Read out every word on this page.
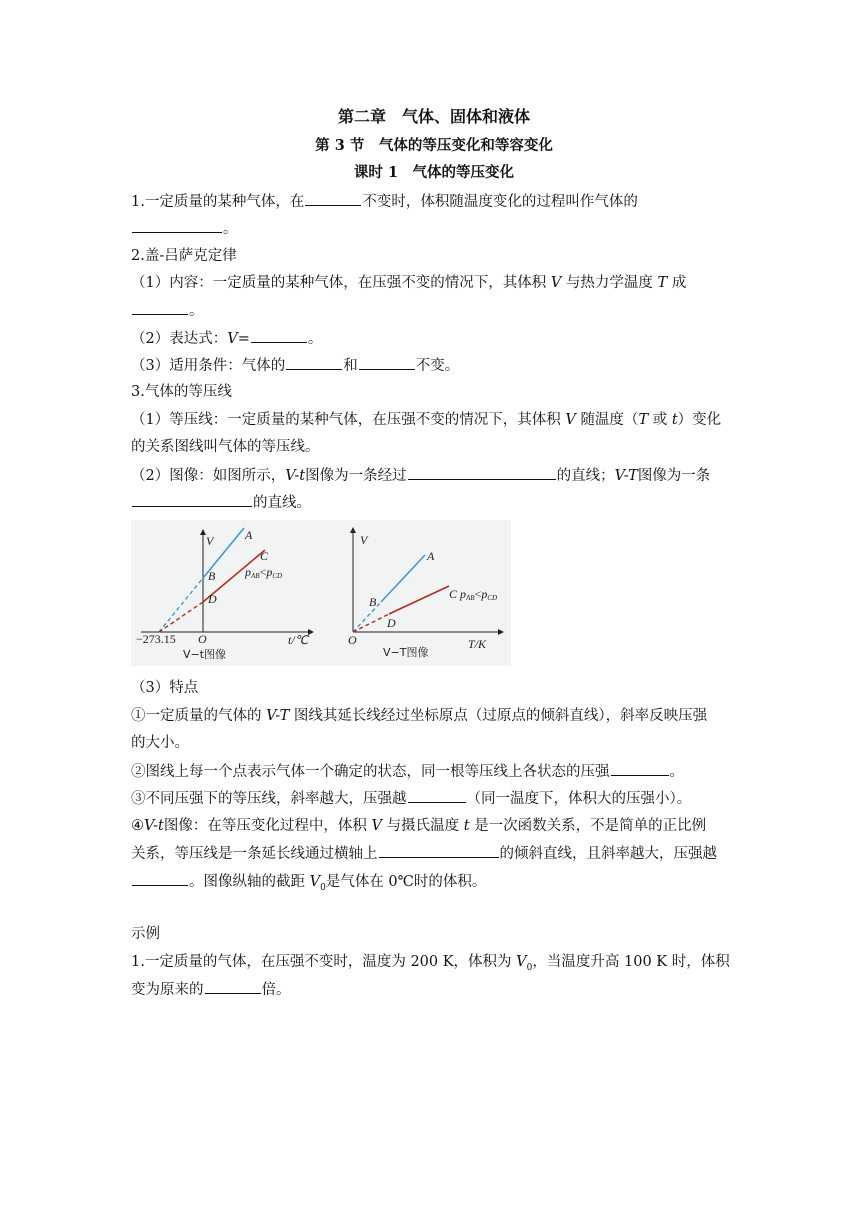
第二章　气体、固体和液体
第 3 节　气体的等压变化和等容变化
课时 1　气体的等压变化
1.一定质量的某种气体，在	不变时，体积随温度变化的过程叫作气体的
。
2.盖-吕萨克定律
（1）内容：一定质量的某种气体，在压强不变的情况下，其体积 V 与热力学温度 T 成
。
（2）表达式：V=	。
（3）适用条件：气体的	和	不变。
3.气体的等压线
（1）等压线：一定质量的某种气体，在压强不变的情况下，其体积 V 随温度（T 或 t）变化
的关系图线叫气体的等压线。
（2）图像：如图所示，V-t图像为一条经过	的直线；V-T图像为一条
的直线。
V	A
B
C
D
pAB<pCD
−273.15 O	t/℃
V−t图像
V
A
B
C
D
pAB<pCD
O	T/K
V−T图像
（3）特点
①一定质量的气体的 V-T 图线其延长线经过坐标原点（过原点的倾斜直线），斜率反映压强
的大小。
②图线上每一个点表示气体一个确定的状态，同一根等压线上各状态的压强	。
③不同压强下的等压线，斜率越大，压强越	（同一温度下，体积大的压强小）。
④V-t图像：在等压变化过程中，体积 V 与摄氏温度 t 是一次函数关系，不是简单的正比例
关系，等压线是一条延长线通过横轴上	的倾斜直线，且斜率越大，压强越
。图像纵轴的截距 $V_0$是气体在 0℃时的体积。
示例
1.一定质量的气体，在压强不变时，温度为 200 K，体积为 $V_0$，当温度升高 100 K 时，体积
变为原来的	倍。
